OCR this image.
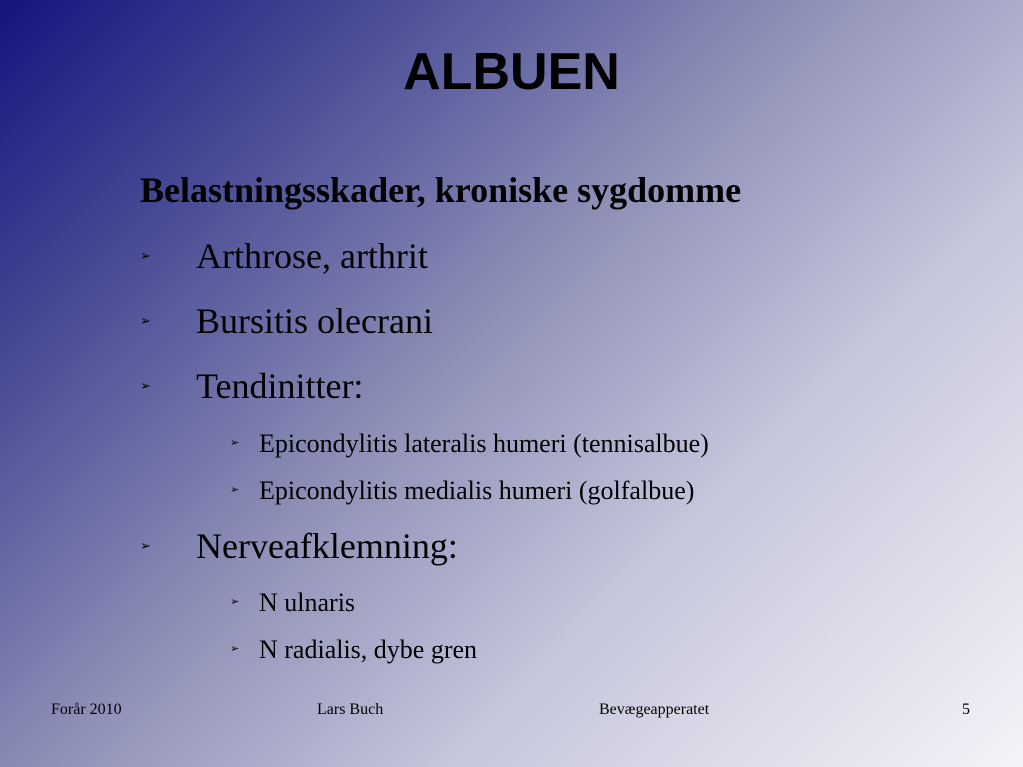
ALBUEN
Belastningsskader, kroniske sygdomme
➢ Arthrose, arthrit
➢ Bursitis olecrani
➢ Tendinitter:
➢ Epicondylitis lateralis humeri (tennisalbue)
➢ Epicondylitis medialis humeri (golfalbue)
➢ Nerveafklemning:
➢ N ulnaris
➢ N radialis, dybe gren
Forår 2010	Lars Buch	Bevægeapperatet	5
